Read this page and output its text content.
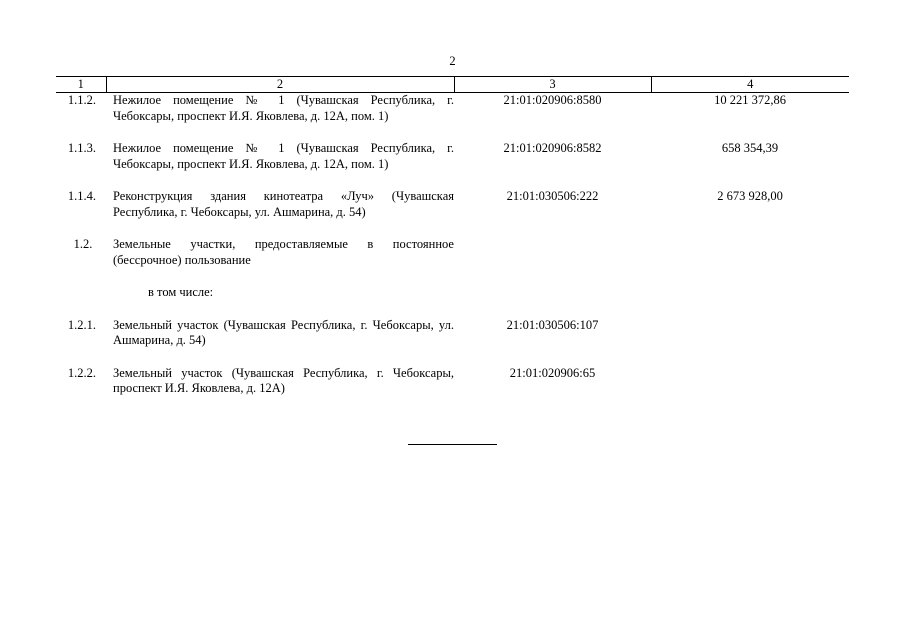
2
1	2	3	4
1.1.2.	Нежилое помещение № 1 (Чувашская Республика, г. Чебоксары, проспект И.Я. Яковлева, д. 12А, пом. 1)	21:01:020906:8580	10 221 372,86

1.1.3.	Нежилое помещение № 1 (Чувашская Республика, г. Чебоксары, проспект И.Я. Яковлева, д. 12А, пом. 1)	21:01:020906:8582	658 354,39

1.1.4.	Реконструкция здания кинотеатра «Луч» (Чувашская Республика, г. Чебоксары, ул. Ашмарина, д. 54)	21:01:030506:222	2 673 928,00

1.2.	Земельные участки, предоставляемые в постоянное (бессрочное) пользование		

	в том числе:		

1.2.1.	Земельный участок (Чувашская Республика, г. Чебоксары, ул. Ашмарина, д. 54)	21:01:030506:107	

1.2.2.	Земельный участок (Чувашская Республика, г. Чебоксары, проспект И.Я. Яковлева, д. 12А)	21:01:020906:65	
